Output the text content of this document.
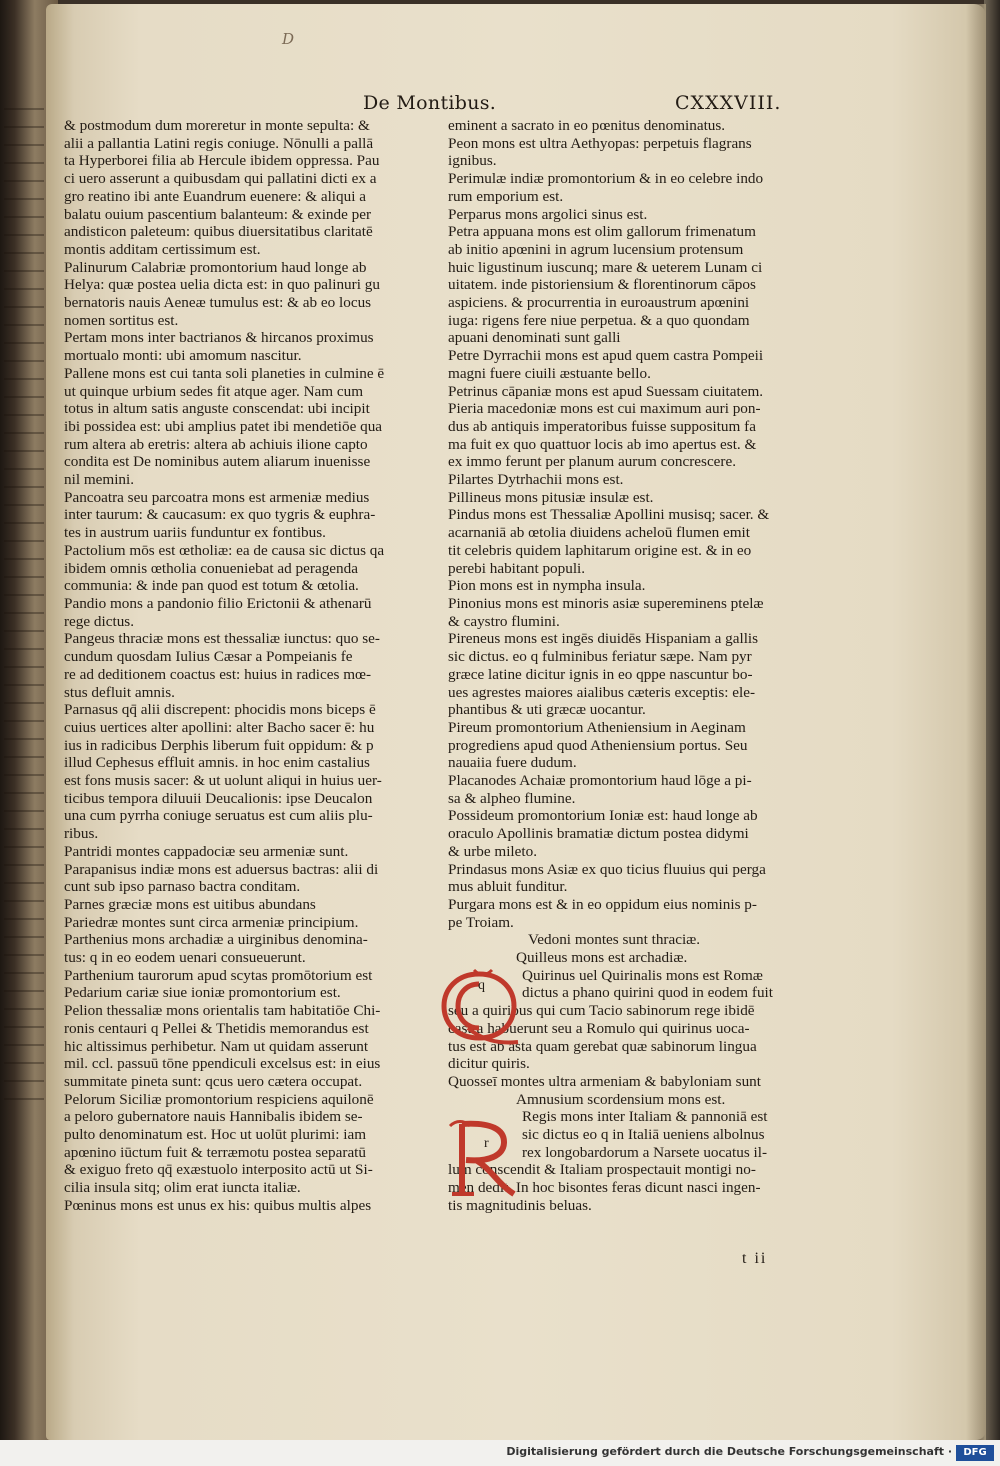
D
De Montibus.	CXXXVIII.
& postmodum dum moreretur in monte sepulta: &
alii a pallantia Latini regis coniuge. Nōnulli a pallā
ta Hyperborei filia ab Hercule ibidem oppressa. Pau
ci uero asserunt a quibusdam qui pallatini dicti ex a
gro reatino ibi ante Euandrum euenere: & aliqui a
balatu ouium pascentium balanteum: & exinde per
andisticon paleteum: quibus diuersitatibus claritatē
montis additam certissimum est.
Palinurum Calabriæ promontorium haud longe ab
Helya: quæ postea uelia dicta est: in quo palinuri gu
bernatoris nauis Aeneæ tumulus est: & ab eo locus
nomen sortitus est.
Pertam mons inter bactrianos & hircanos proximus
mortualo monti: ubi amomum nascitur.
Pallene mons est cui tanta soli planeties in culmine ē
ut quinque urbium sedes fit atque ager. Nam cum
totus in altum satis anguste conscendat: ubi incipit
ibi possidea est: ubi amplius patet ibi mendetiōe qua
rum altera ab eretris: altera ab achiuis ilione capto
condita est De nominibus autem aliarum inuenisse
nil memini.
Pancoatra seu parcoatra mons est armeniæ medius
inter taurum: & caucasum: ex quo tygris & euphra-
tes in austrum uariis funduntur ex fontibus.
Pactolium mōs est œtholiæ: ea de causa sic dictus qa
ibidem omnis œtholia conueniebat ad peragenda
communia: & inde pan quod est totum & œtolia.
Pandio mons a pandonio filio Erictonii & athenarū
rege dictus.
Pangeus thraciæ mons est thessaliæ iunctus: quo se-
cundum quosdam Iulius Cæsar a Pompeianis fe
re ad deditionem coactus est: huius in radices mœ-
stus defluit amnis.
Parnasus qq̄ alii discrepent: phocidis mons biceps ē
cuius uertices alter apollini: alter Bacho sacer ē: hu
ius in radicibus Derphis liberum fuit oppidum: & p
illud Cephesus effluit amnis. in hoc enim castalius
est fons musis sacer: & ut uolunt aliqui in huius uer-
ticibus tempora diluuii Deucalionis: ipse Deucalon
una cum pyrrha coniuge seruatus est cum aliis plu-
ribus.
Pantridi montes cappadociæ seu armeniæ sunt.
Parapanisus indiæ mons est aduersus bactras: alii di
cunt sub ipso parnaso bactra conditam.
Parnes græciæ mons est uitibus abundans
Pariedræ montes sunt circa armeniæ principium.
Parthenius mons archadiæ a uirginibus denomina-
tus: q in eo eodem uenari consueuerunt.
Parthenium taurorum apud scytas promōtorium est
Pedarium cariæ siue ioniæ promontorium est.
Pelion thessaliæ mons orientalis tam habitatiōe Chi-
ronis centauri q Pellei & Thetidis memorandus est
hic altissimus perhibetur. Nam ut quidam asserunt
mil. ccl. passuū tōne ppendiculi excelsus est: in eius
summitate pineta sunt: qcus uero cætera occupat.
Pelorum Siciliæ promontorium respiciens aquilonē
a peloro gubernatore nauis Hannibalis ibidem se-
pulto denominatum est. Hoc ut uolūt plurimi: iam
apœnino iūctum fuit & terræmotu postea separatū
& exiguo freto qq̄ exæstuolo interposito actū ut Si-
cilia insula sitq; olim erat iuncta italiæ.
Pœninus mons est unus ex his: quibus multis alpes
eminent a sacrato in eo pœnitus denominatus.
Peon mons est ultra Aethyopas: perpetuis flagrans
ignibus.
Perimulæ indiæ promontorium & in eo celebre indo
rum emporium est.
Perparus mons argolici sinus est.
Petra appuana mons est olim gallorum frimenatum
ab initio apœnini in agrum lucensium protensum
huic ligustinum iuscunq; mare & ueterem Lunam ci
uitatem. inde pistoriensium & florentinorum cāpos
aspiciens. & procurrentia in euroaustrum apœnini
iuga: rigens fere niue perpetua. & a quo quondam
apuani denominati sunt galli
Petre Dyrrachii mons est apud quem castra Pompeii
magni fuere ciuili æstuante bello.
Petrinus cāpaniæ mons est apud Suessam ciuitatem.
Pieria macedoniæ mons est cui maximum auri pon-
dus ab antiquis imperatoribus fuisse suppositum fa
ma fuit ex quo quattuor locis ab imo apertus est. &
ex immo ferunt per planum aurum concrescere.
Pilartes Dytrhachii mons est.
Pillineus mons pitusiæ insulæ est.
Pindus mons est Thessaliæ Apollini musisq; sacer. &
acarnaniā ab œtolia diuidens acheloū flumen emit
tit celebris quidem laphitarum origine est. & in eo
perebi habitant populi.
Pion mons est in nympha insula.
Pinonius mons est minoris asiæ supereminens ptelæ
& caystro flumini.
Pireneus mons est ingēs diuidēs Hispaniam a gallis
sic dictus. eo q fulminibus feriatur sæpe. Nam pyr
græce latine dicitur ignis in eo qppe nascuntur bo-
ues agrestes maiores aialibus cæteris exceptis: ele-
phantibus & uti græcæ uocantur.
Pireum promontorium Atheniensium in Aeginam
progrediens apud quod Atheniensium portus. Seu
nauaiia fuere dudum.
Placanodes Achaiæ promontorium haud lōge a pi-
sa & alpheo flumine.
Possideum promontorium Ioniæ est: haud longe ab
oraculo Apollinis bramatiæ dictum postea didymi
& urbe mileto.
Prindasus mons Asiæ ex quo ticius fluuius qui perga
mus abluit funditur.
Purgara mons est & in eo oppidum eius nominis p-
pe Troiam.
Vedoni montes sunt thraciæ.
Quilleus mons est archadiæ.
Quirinus uel Quirinalis mons est Romæ
dictus a phano quirini quod in eodem fuit
seu a quiribus qui cum Tacio sabinorum rege ibidē
castra habuerunt seu a Romulo qui quirinus uoca-
tus est ab asta quam gerebat quæ sabinorum lingua
dicitur quiris.
Quosseī montes ultra armeniam & babyloniam sunt
Amnusium scordensium mons est.
Regis mons inter Italiam & pannoniā est
sic dictus eo q in Italiā ueniens albolnus
rex longobardorum a Narsete uocatus il-
lum conscendit & Italiam prospectauit montigi no-
men dedit. In hoc bisontes feras dicunt nasci ingen-
tis magnitudinis beluas.
q
r
t ii
Digitalisierung gefördert durch die Deutsche Forschungsgemeinschaft ·	DFG
